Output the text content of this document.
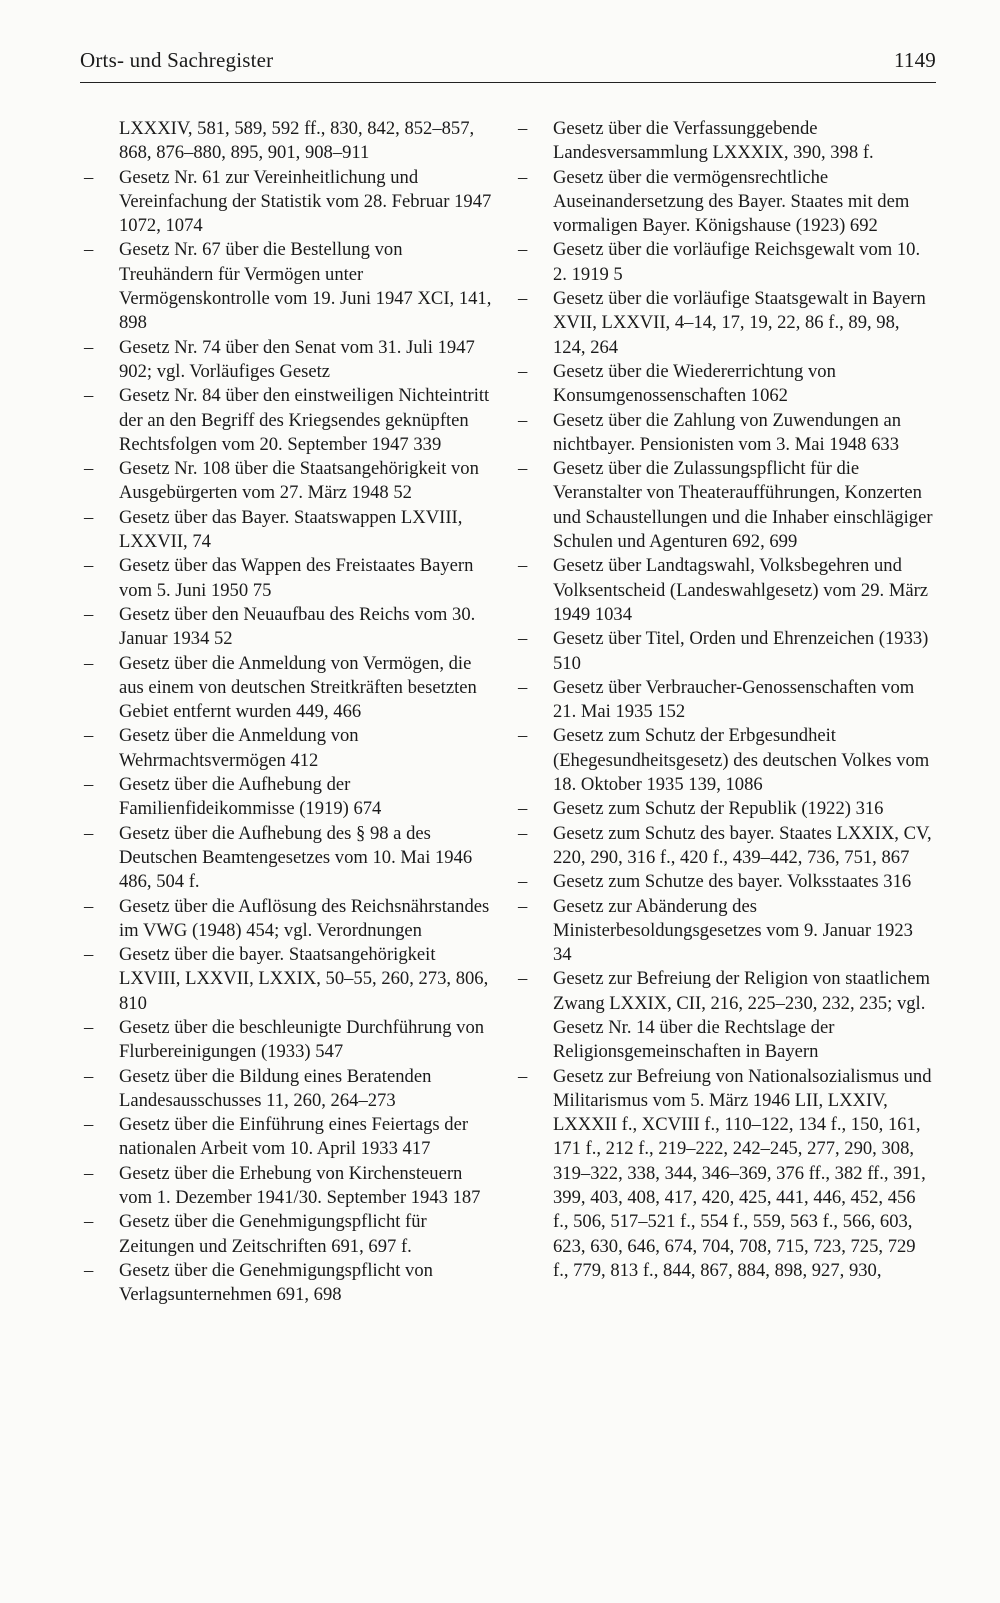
Orts- und Sachregister	1149
LXXXIV, 581, 589, 592 ff., 830, 842, 852–857, 868, 876–880, 895, 901, 908–911
– Gesetz Nr. 61 zur Vereinheitlichung und Vereinfachung der Statistik vom 28. Februar 1947 1072, 1074
– Gesetz Nr. 67 über die Bestellung von Treuhändern für Vermögen unter Vermögenskontrolle vom 19. Juni 1947 XCI, 141, 898
– Gesetz Nr. 74 über den Senat vom 31. Juli 1947 902; vgl. Vorläufiges Gesetz
– Gesetz Nr. 84 über den einstweiligen Nichteintritt der an den Begriff des Kriegsendes geknüpften Rechtsfolgen vom 20. September 1947 339
– Gesetz Nr. 108 über die Staatsangehörigkeit von Ausgebürgerten vom 27. März 1948 52
– Gesetz über das Bayer. Staatswappen LXVIII, LXXVII, 74
– Gesetz über das Wappen des Freistaates Bayern vom 5. Juni 1950 75
– Gesetz über den Neuaufbau des Reichs vom 30. Januar 1934 52
– Gesetz über die Anmeldung von Vermögen, die aus einem von deutschen Streitkräften besetzten Gebiet entfernt wurden 449, 466
– Gesetz über die Anmeldung von Wehrmachtsvermögen 412
– Gesetz über die Aufhebung der Familienfideikommisse (1919) 674
– Gesetz über die Aufhebung des § 98 a des Deutschen Beamtengesetzes vom 10. Mai 1946 486, 504 f.
– Gesetz über die Auflösung des Reichsnährstandes im VWG (1948) 454; vgl. Verordnungen
– Gesetz über die bayer. Staatsangehörigkeit LXVIII, LXXVII, LXXIX, 50–55, 260, 273, 806, 810
– Gesetz über die beschleunigte Durchführung von Flurbereinigungen (1933) 547
– Gesetz über die Bildung eines Beratenden Landesausschusses 11, 260, 264–273
– Gesetz über die Einführung eines Feiertags der nationalen Arbeit vom 10. April 1933 417
– Gesetz über die Erhebung von Kirchensteuern vom 1. Dezember 1941/30. September 1943 187
– Gesetz über die Genehmigungspflicht für Zeitungen und Zeitschriften 691, 697 f.
– Gesetz über die Genehmigungspflicht von Verlagsunternehmen 691, 698
– Gesetz über die Verfassunggebende Landesversammlung LXXXIX, 390, 398 f.
– Gesetz über die vermögensrechtliche Auseinandersetzung des Bayer. Staates mit dem vormaligen Bayer. Königshause (1923) 692
– Gesetz über die vorläufige Reichsgewalt vom 10. 2. 1919 5
– Gesetz über die vorläufige Staatsgewalt in Bayern XVII, LXXVII, 4–14, 17, 19, 22, 86 f., 89, 98, 124, 264
– Gesetz über die Wiedererrichtung von Konsumgenossenschaften 1062
– Gesetz über die Zahlung von Zuwendungen an nichtbayer. Pensionisten vom 3. Mai 1948 633
– Gesetz über die Zulassungspflicht für die Veranstalter von Theateraufführungen, Konzerten und Schaustellungen und die Inhaber einschlägiger Schulen und Agenturen 692, 699
– Gesetz über Landtagswahl, Volksbegehren und Volksentscheid (Landeswahlgesetz) vom 29. März 1949 1034
– Gesetz über Titel, Orden und Ehrenzeichen (1933) 510
– Gesetz über Verbraucher-Genossenschaften vom 21. Mai 1935 152
– Gesetz zum Schutz der Erbgesundheit (Ehegesundheitsgesetz) des deutschen Volkes vom 18. Oktober 1935 139, 1086
– Gesetz zum Schutz der Republik (1922) 316
– Gesetz zum Schutz des bayer. Staates LXXIX, CV, 220, 290, 316 f., 420 f., 439–442, 736, 751, 867
– Gesetz zum Schutze des bayer. Volksstaates 316
– Gesetz zur Abänderung des Ministerbesoldungsgesetzes vom 9. Januar 1923 34
– Gesetz zur Befreiung der Religion von staatlichem Zwang LXXIX, CII, 216, 225–230, 232, 235; vgl. Gesetz Nr. 14 über die Rechtslage der Religionsgemeinschaften in Bayern
– Gesetz zur Befreiung von Nationalsozialismus und Militarismus vom 5. März 1946 LII, LXXIV, LXXXII f., XCVIII f., 110–122, 134 f., 150, 161, 171 f., 212 f., 219–222, 242–245, 277, 290, 308, 319–322, 338, 344, 346–369, 376 ff., 382 ff., 391, 399, 403, 408, 417, 420, 425, 441, 446, 452, 456 f., 506, 517–521 f., 554 f., 559, 563 f., 566, 603, 623, 630, 646, 674, 704, 708, 715, 723, 725, 729 f., 779, 813 f., 844, 867, 884, 898, 927, 930,
